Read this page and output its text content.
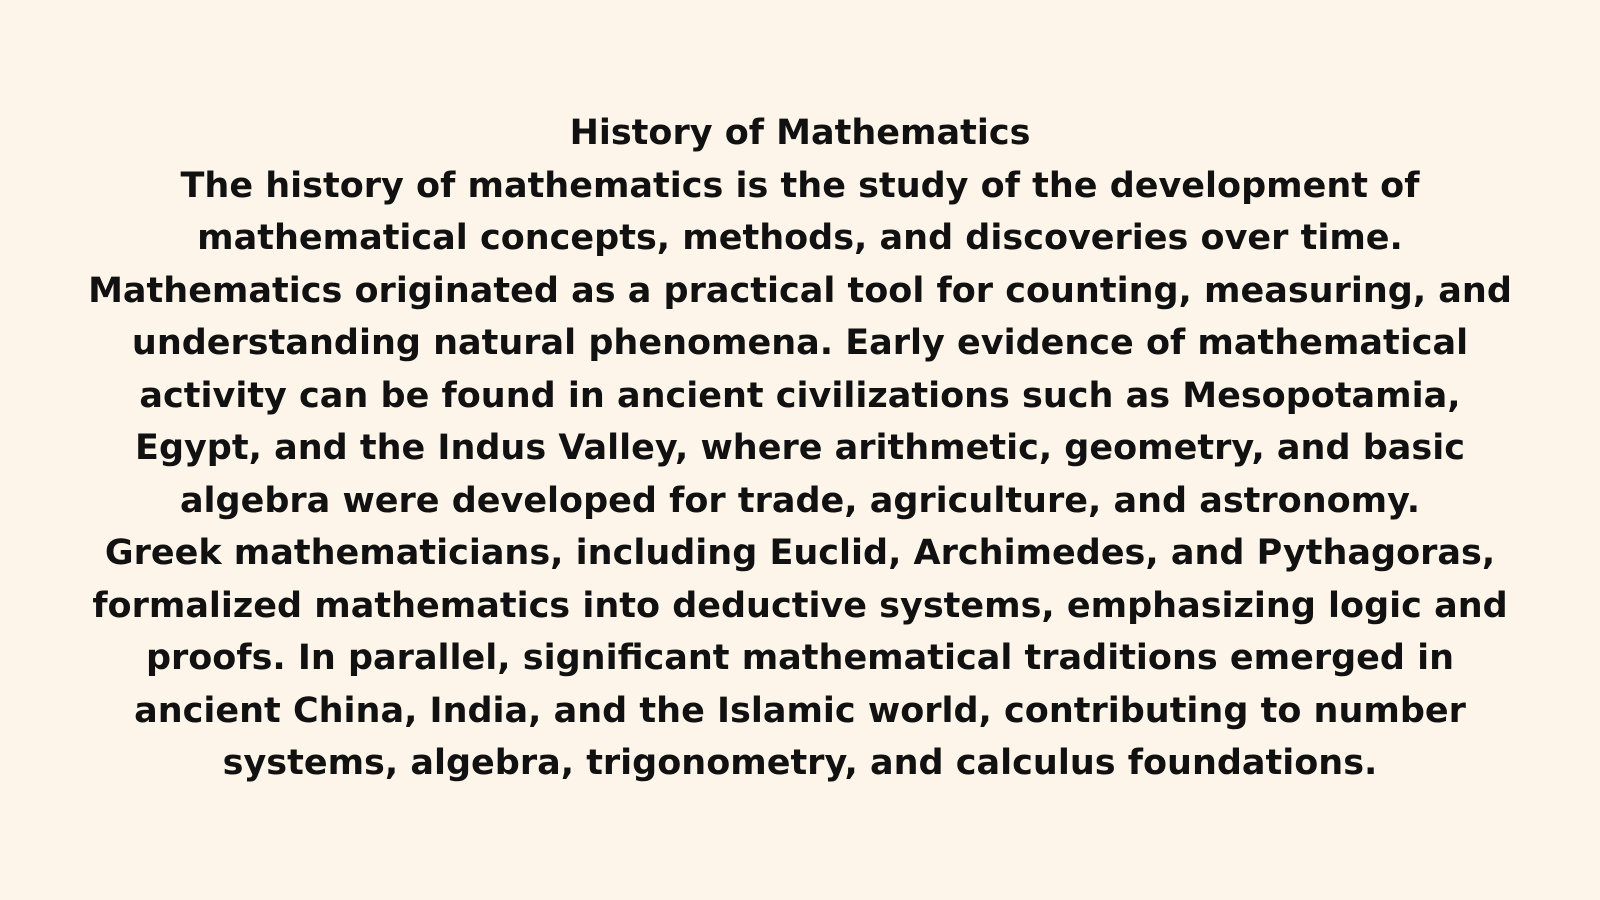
History of Mathematics

The history of mathematics is the study of the development of mathematical concepts, methods, and discoveries over time.

Mathematics originated as a practical tool for counting, measuring, and understanding natural phenomena. Early evidence of mathematical activity can be found in ancient civilizations such as Mesopotamia, Egypt, and the Indus Valley, where arithmetic, geometry, and basic algebra were developed for trade, agriculture, and astronomy.

Greek mathematicians, including Euclid, Archimedes, and Pythagoras, formalized mathematics into deductive systems, emphasizing logic and proofs. In parallel, significant mathematical traditions emerged in ancient China, India, and the Islamic world, contributing to number systems, algebra, trigonometry, and calculus foundations.
